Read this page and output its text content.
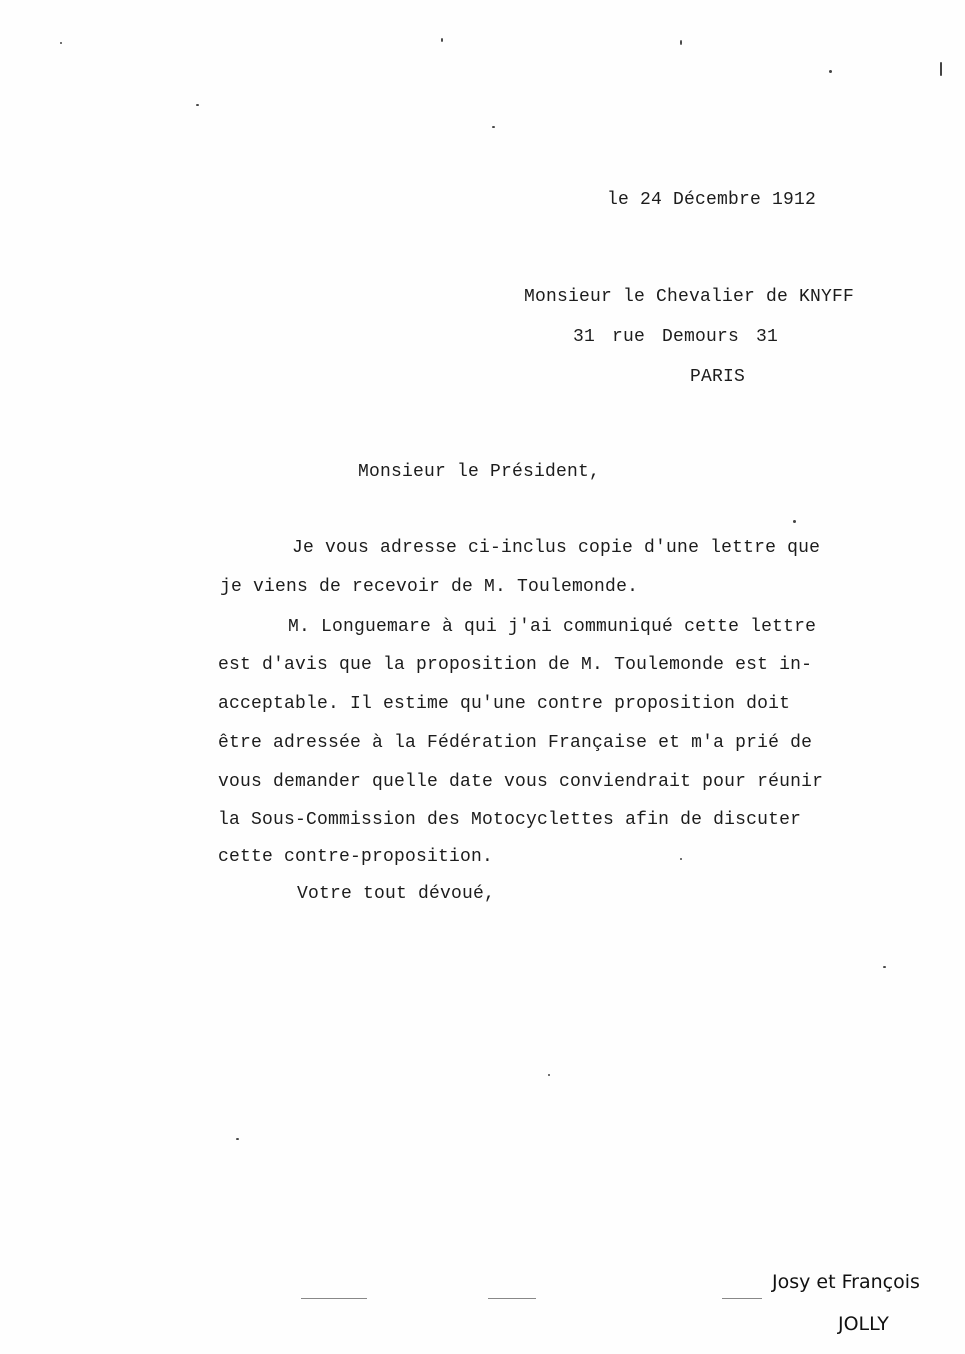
le 24 Décembre 1912
Monsieur le Chevalier de KNYFF
31 rue Demours 31
PARIS
Monsieur le Président,
Je vous adresse ci-inclus copie d'une lettre que
je viens de recevoir de M. Toulemonde.
M. Longuemare à qui j'ai communiqué cette lettre
est d'avis que la proposition de M. Toulemonde est in-
acceptable. Il estime qu'une contre proposition doit
être adressée à la Fédération Française et m'a prié de
vous demander quelle date vous conviendrait pour réunir
la Sous-Commission des Motocyclettes afin de discuter
cette contre-proposition.
Votre tout dévoué,
Josy et François
JOLLY
